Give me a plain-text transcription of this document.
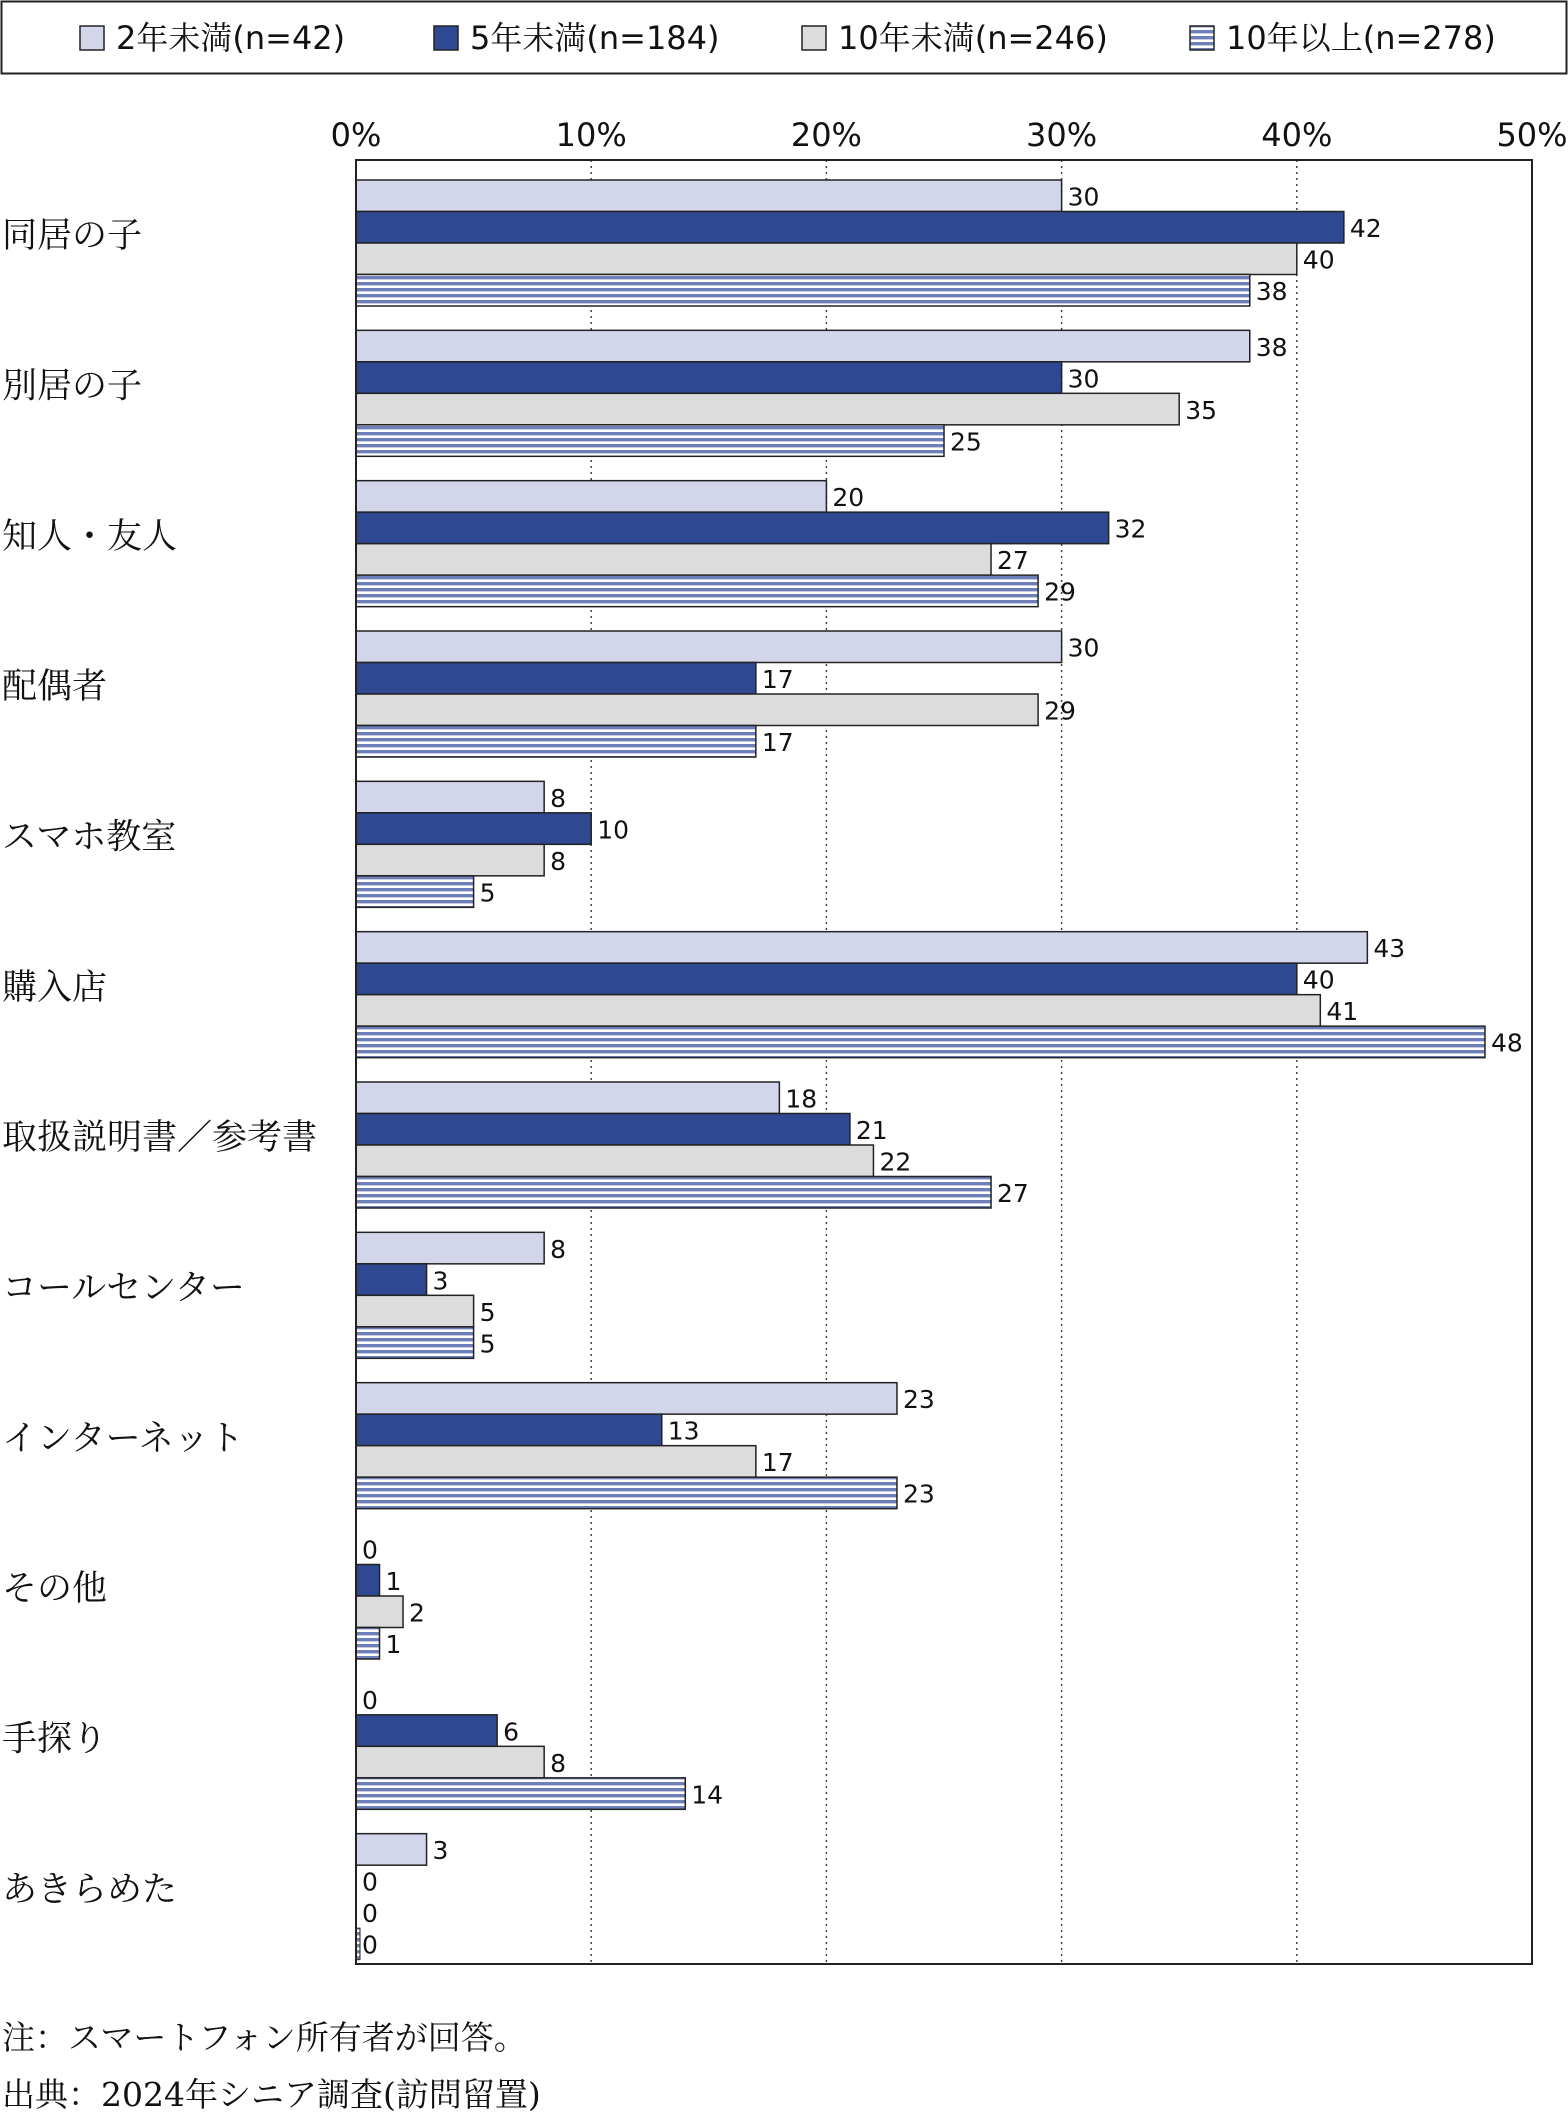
2年未満(n=42)	5年未満(n=184)	10年未満(n=246)	10年以上(n=278)
30
42
40
38
38
30
35
25
20
32
27
29
30
17
29
17
8
10
8
5
43
40
41
48
18
21
22
27
8
3
5
5
23
13
17
23
0
1
2
1
0
6
8
14
3
0
0
0
0%	10%	20%	30%	40%	50%
同居の子
別居の子
知人・友人
配偶者
スマホ教室
購入店
取扱説明書／参考書
コールセンター
インターネット
その他
手探り
あきらめた
注：スマートフォン所有者が回答。
出典：2024年シニア調査(訪問留置)
